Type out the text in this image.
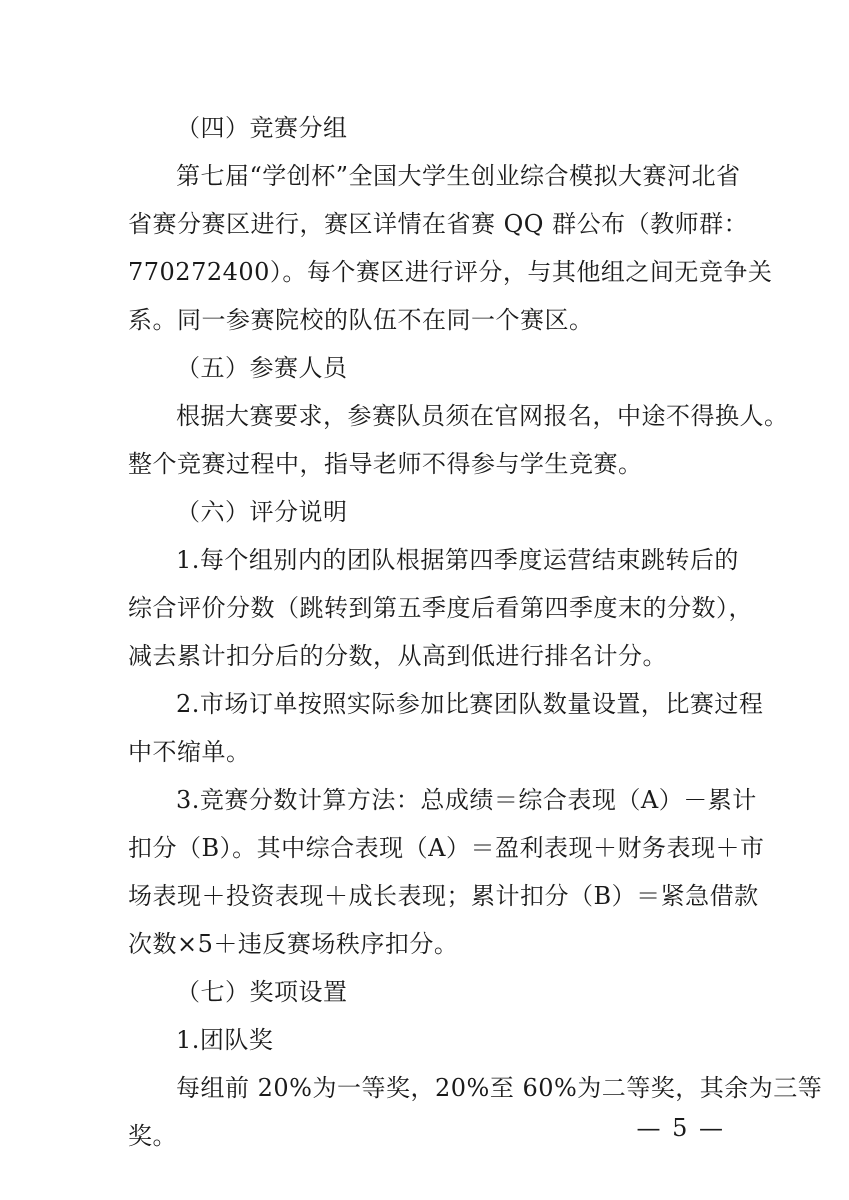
（四）竞赛分组
第七届“学创杯”全国大学生创业综合模拟大赛河北省
省赛分赛区进行，赛区详情在省赛 QQ 群公布（教师群：
770272400）。每个赛区进行评分，与其他组之间无竞争关
系。同一参赛院校的队伍不在同一个赛区。
（五）参赛人员
根据大赛要求，参赛队员须在官网报名，中途不得换人。
整个竞赛过程中，指导老师不得参与学生竞赛。
（六）评分说明
1.每个组别内的团队根据第四季度运营结束跳转后的
综合评价分数（跳转到第五季度后看第四季度末的分数），
减去累计扣分后的分数，从高到低进行排名计分。
2.市场订单按照实际参加比赛团队数量设置，比赛过程
中不缩单。
3.竞赛分数计算方法：总成绩＝综合表现（A）－累计
扣分（B）。其中综合表现（A）＝盈利表现＋财务表现＋市
场表现＋投资表现＋成长表现；累计扣分（B）＝紧急借款
次数×5＋违反赛场秩序扣分。
（七）奖项设置
1.团队奖
每组前 20%为一等奖，20%至 60%为二等奖，其余为三等
奖。	— 5 —
